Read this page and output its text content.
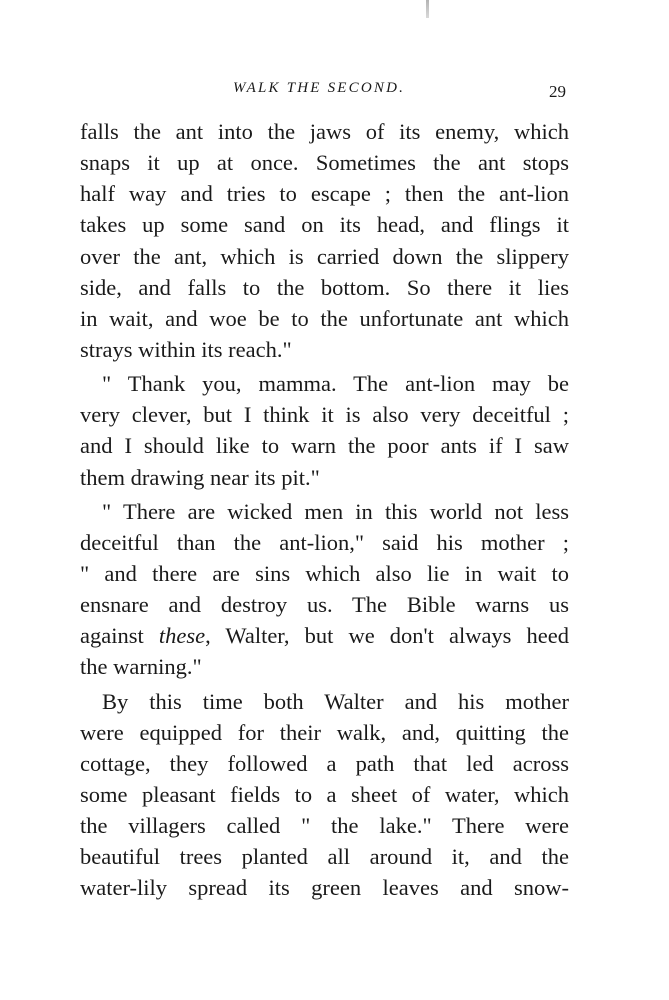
WALK THE SECOND.	29
falls the ant into the jaws of its enemy, which
snaps it up at once. Sometimes the ant stops
half way and tries to escape ; then the ant-lion
takes up some sand on its head, and flings it
over the ant, which is carried down the slippery
side, and falls to the bottom. So there it lies
in wait, and woe be to the unfortunate ant which
strays within its reach."
" Thank you, mamma. The ant-lion may be
very clever, but I think it is also very deceitful ;
and I should like to warn the poor ants if I saw
them drawing near its pit."
" There are wicked men in this world not less
deceitful than the ant-lion," said his mother ;
" and there are sins which also lie in wait to
ensnare and destroy us. The Bible warns us
against these, Walter, but we don't always heed
the warning."
By this time both Walter and his mother
were equipped for their walk, and, quitting the
cottage, they followed a path that led across
some pleasant fields to a sheet of water, which
the villagers called " the lake." There were
beautiful trees planted all around it, and the
water-lily spread its green leaves and snow-
